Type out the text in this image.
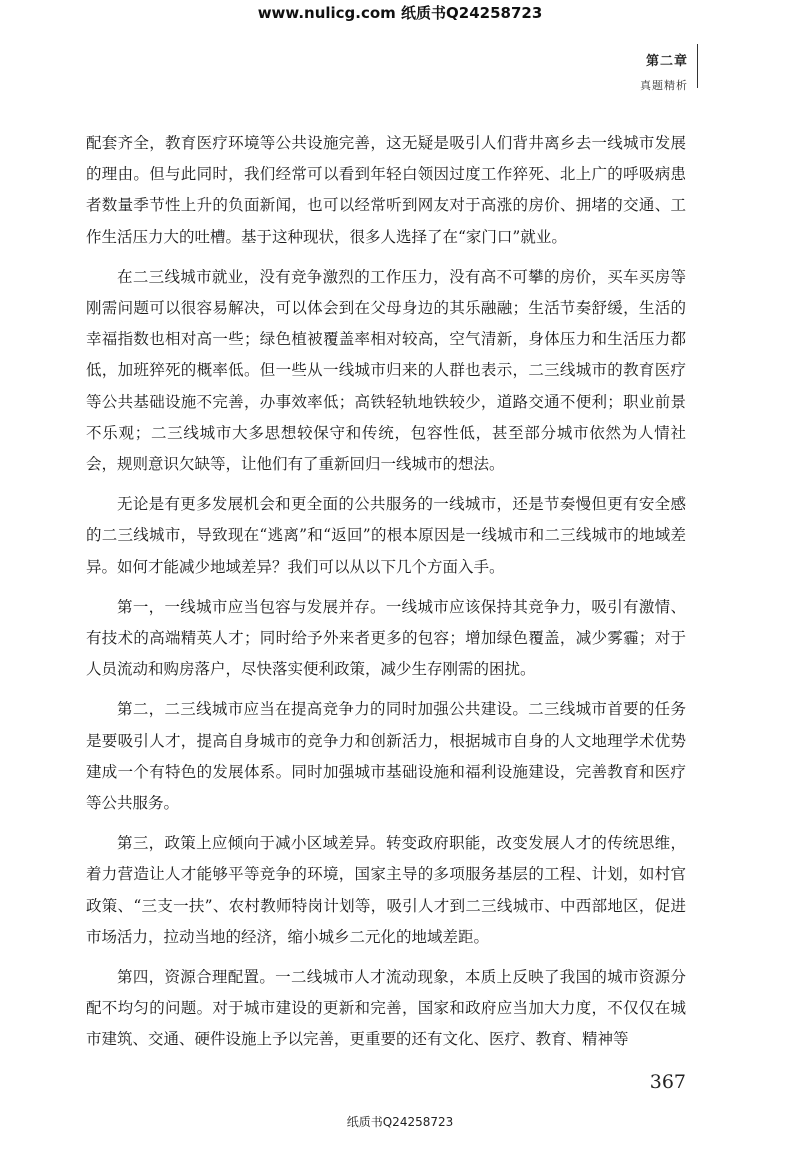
www.nulicg.com 纸质书Q24258723
第二章
真题精析

配套齐全，教育医疗环境等公共设施完善，这无疑是吸引人们背井离乡去一线城市发展的理由。但与此同时，我们经常可以看到年轻白领因过度工作猝死、北上广的呼吸病患者数量季节性上升的负面新闻，也可以经常听到网友对于高涨的房价、拥堵的交通、工作生活压力大的吐槽。基于这种现状，很多人选择了在“家门口”就业。

在二三线城市就业，没有竞争激烈的工作压力，没有高不可攀的房价，买车买房等刚需问题可以很容易解决，可以体会到在父母身边的其乐融融；生活节奏舒缓，生活的幸福指数也相对高一些；绿色植被覆盖率相对较高，空气清新，身体压力和生活压力都低，加班猝死的概率低。但一些从一线城市归来的人群也表示，二三线城市的教育医疗等公共基础设施不完善，办事效率低；高铁轻轨地铁较少，道路交通不便利；职业前景不乐观；二三线城市大多思想较保守和传统，包容性低，甚至部分城市依然为人情社会，规则意识欠缺等，让他们有了重新回归一线城市的想法。

无论是有更多发展机会和更全面的公共服务的一线城市，还是节奏慢但更有安全感的二三线城市，导致现在“逃离”和“返回”的根本原因是一线城市和二三线城市的地域差异。如何才能减少地域差异？我们可以从以下几个方面入手。

第一，一线城市应当包容与发展并存。一线城市应该保持其竞争力，吸引有激情、有技术的高端精英人才；同时给予外来者更多的包容；增加绿色覆盖，减少雾霾；对于人员流动和购房落户，尽快落实便利政策，减少生存刚需的困扰。

第二，二三线城市应当在提高竞争力的同时加强公共建设。二三线城市首要的任务是要吸引人才，提高自身城市的竞争力和创新活力，根据城市自身的人文地理学术优势建成一个有特色的发展体系。同时加强城市基础设施和福利设施建设，完善教育和医疗等公共服务。

第三，政策上应倾向于减小区域差异。转变政府职能，改变发展人才的传统思维，着力营造让人才能够平等竞争的环境，国家主导的多项服务基层的工程、计划，如村官政策、“三支一扶”、农村教师特岗计划等，吸引人才到二三线城市、中西部地区，促进市场活力，拉动当地的经济，缩小城乡二元化的地域差距。

第四，资源合理配置。一二线城市人才流动现象，本质上反映了我国的城市资源分配不均匀的问题。对于城市建设的更新和完善，国家和政府应当加大力度，不仅仅在城市建筑、交通、硬件设施上予以完善，更重要的还有文化、医疗、教育、精神等

367
纸质书Q24258723
